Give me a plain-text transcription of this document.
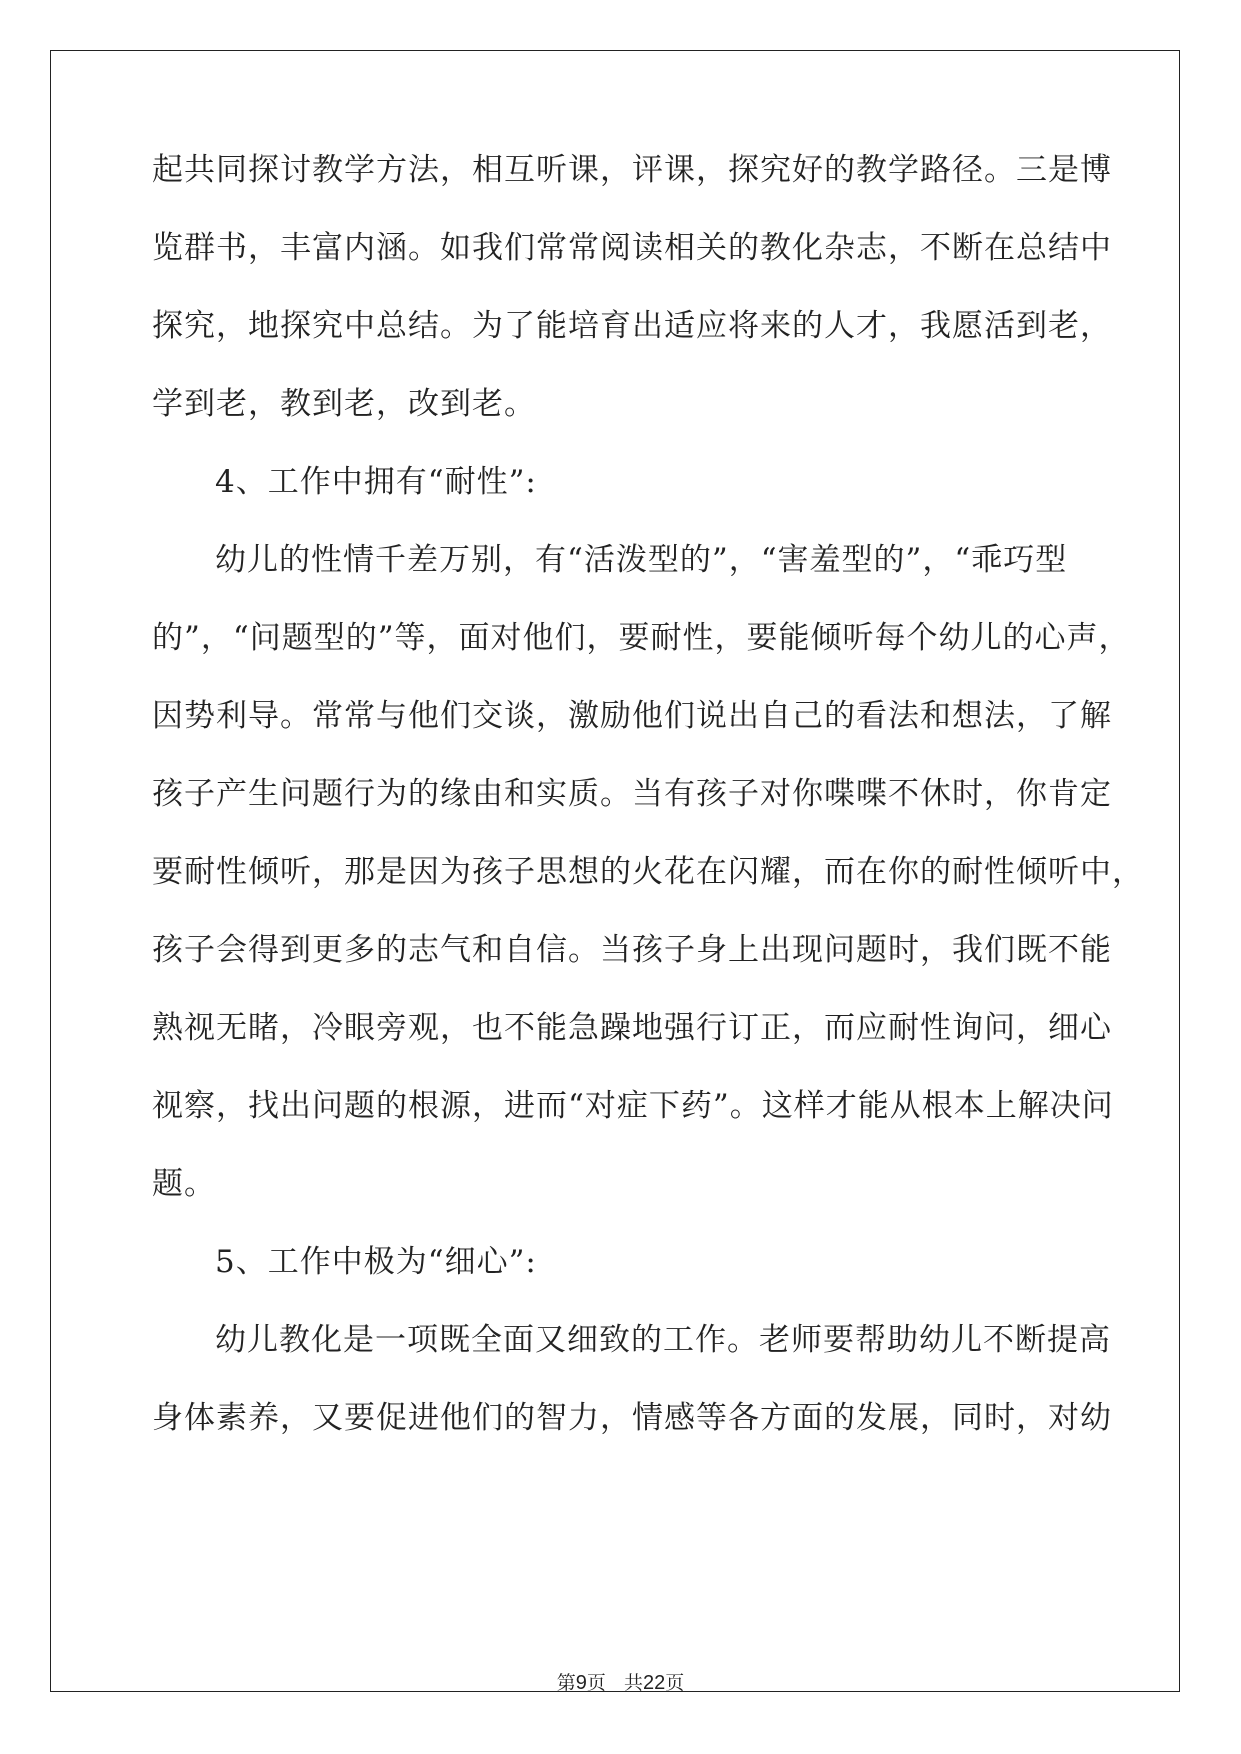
起共同探讨教学方法，相互听课，评课，探究好的教学路径。三是博
览群书，丰富内涵。如我们常常阅读相关的教化杂志，不断在总结中
探究，地探究中总结。为了能培育出适应将来的人才，我愿活到老，
学到老，教到老，改到老。
4、工作中拥有“耐性”:
幼儿的性情千差万别，有“活泼型的”，“害羞型的”，“乖巧型
的”，“问题型的”等，面对他们，要耐性，要能倾听每个幼儿的心声，
因势利导。常常与他们交谈，激励他们说出自己的看法和想法，了解
孩子产生问题行为的缘由和实质。当有孩子对你喋喋不休时，你肯定
要耐性倾听，那是因为孩子思想的火花在闪耀，而在你的耐性倾听中，
孩子会得到更多的志气和自信。当孩子身上出现问题时，我们既不能
熟视无睹，冷眼旁观，也不能急躁地强行订正，而应耐性询问，细心
视察，找出问题的根源，进而“对症下药”。这样才能从根本上解决问
题。
5、工作中极为“细心”:
幼儿教化是一项既全面又细致的工作。老师要帮助幼儿不断提高
身体素养，又要促进他们的智力，情感等各方面的发展，同时，对幼
第9页 共22页
